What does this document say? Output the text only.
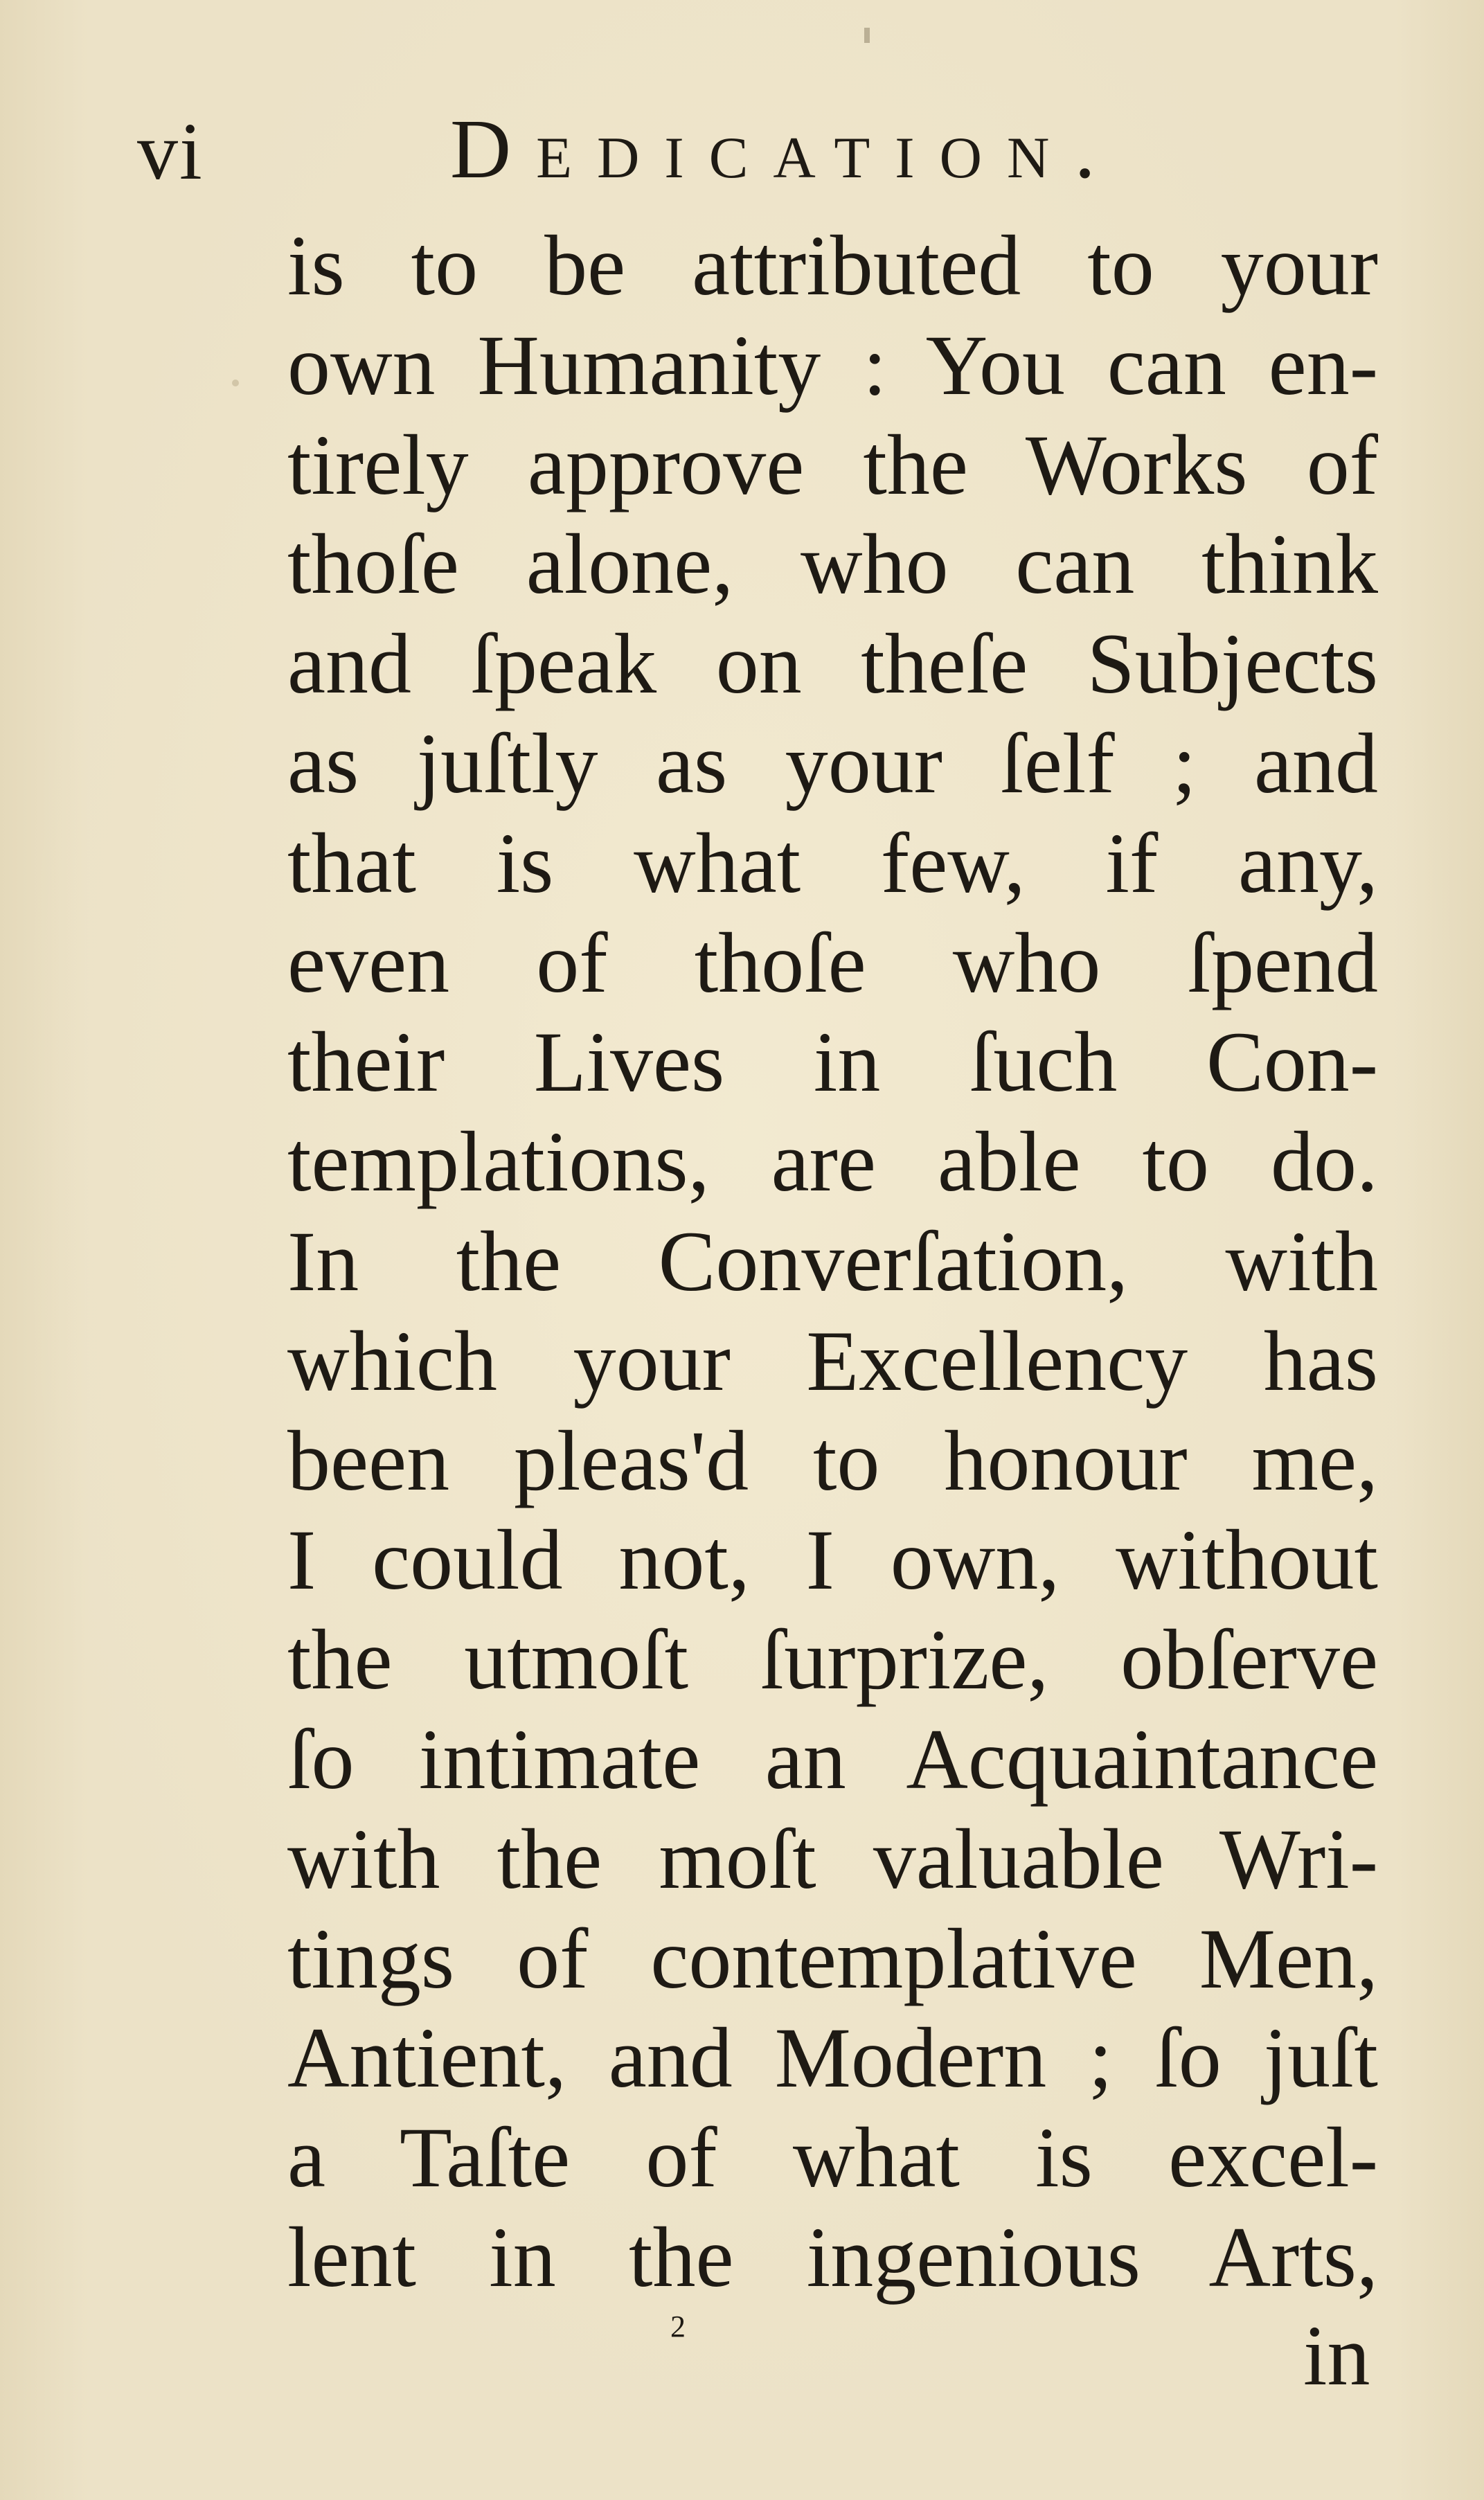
vi	Dedication.
is to be attributed to your
own Humanity : You can en-
tirely approve the Works of
thoſe alone, who can think
and ſpeak on theſe Subjects
as juſtly as your ſelf ; and
that is what few, if any,
even of thoſe who ſpend
their Lives in ſuch Con-
templations, are able to do.
In the Converſation, with
which your Excellency has
been pleas'd to honour me,
I could not, I own, without
the utmoſt ſurprize, obſerve
ſo intimate an Acquaintance
with the moſt valuable Wri-
tings of contemplative Men,
Antient, and Modern ; ſo juſt
a Taſte of what is excel-
lent in the ingenious Arts,
2	in
